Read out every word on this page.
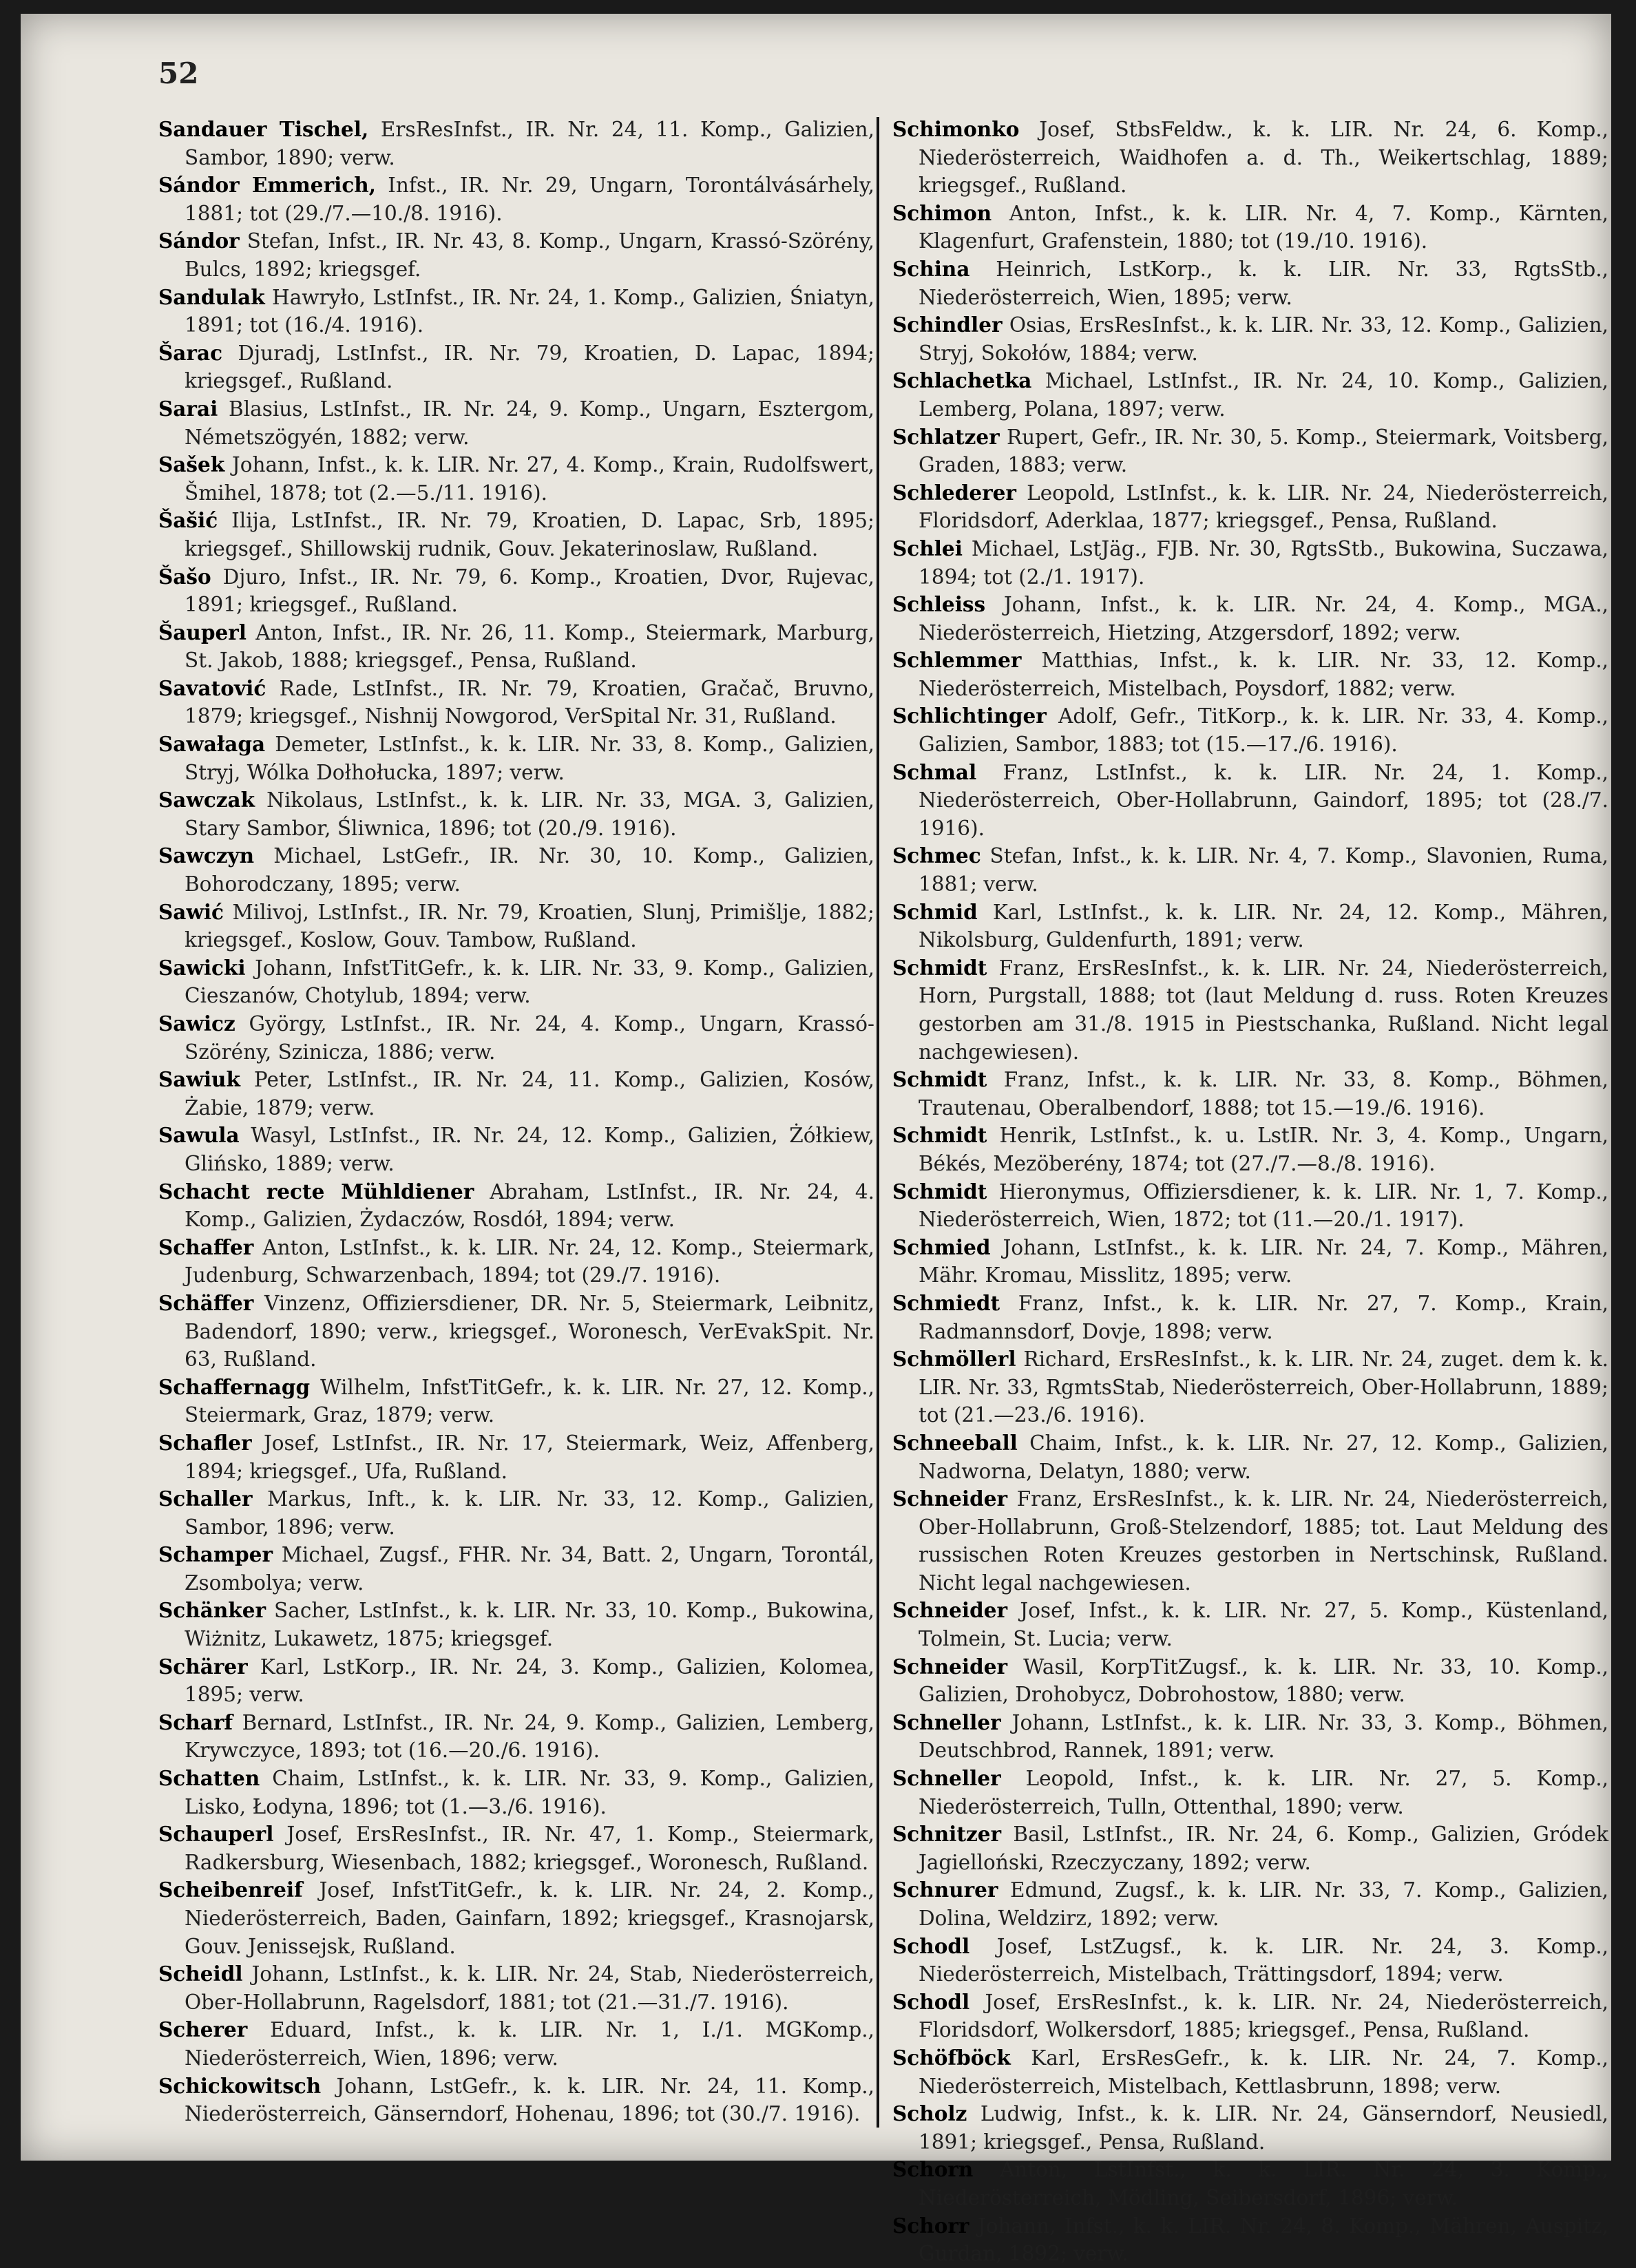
52

Sandauer Tischel, ErsResInfst., IR. Nr. 24, 11. Komp., Galizien, Sambor, 1890; verw.

Sándor Emmerich, Infst., IR. Nr. 29, Ungarn, Torontálvásárhely, 1881; tot (29./7.—10./8. 1916).

Sándor Stefan, Infst., IR. Nr. 43, 8. Komp., Ungarn, Krassó-Szörény, Bulcs, 1892; kriegsgef.

Sandulak Hawryło, LstInfst., IR. Nr. 24, 1. Komp., Galizien, Śniatyn, 1891; tot (16./4. 1916).

Šarac Djuradj, LstInfst., IR. Nr. 79, Kroatien, D. Lapac, 1894; kriegsgef., Rußland.

Sarai Blasius, LstInfst., IR. Nr. 24, 9. Komp., Ungarn, Esztergom, Németszögyén, 1882; verw.

Sašek Johann, Infst., k. k. LIR. Nr. 27, 4. Komp., Krain, Rudolfswert, Šmihel, 1878; tot (2.—5./11. 1916).

Šašić Ilija, LstInfst., IR. Nr. 79, Kroatien, D. Lapac, Srb, 1895; kriegsgef., Shillowskij rudnik, Gouv. Jekaterinoslaw, Rußland.

Šašo Djuro, Infst., IR. Nr. 79, 6. Komp., Kroatien, Dvor, Rujevac, 1891; kriegsgef., Rußland.

Šauperl Anton, Infst., IR. Nr. 26, 11. Komp., Steiermark, Marburg, St. Jakob, 1888; kriegsgef., Pensa, Rußland.

Savatović Rade, LstInfst., IR. Nr. 79, Kroatien, Gračač, Bruvno, 1879; kriegsgef., Nishnij Nowgorod, VerSpital Nr. 31, Rußland.

Sawałaga Demeter, LstInfst., k. k. LIR. Nr. 33, 8. Komp., Galizien, Stryj, Wólka Dołhołucka, 1897; verw.

Sawczak Nikolaus, LstInfst., k. k. LIR. Nr. 33, MGA. 3, Galizien, Stary Sambor, Śliwnica, 1896; tot (20./9. 1916).

Sawczyn Michael, LstGefr., IR. Nr. 30, 10. Komp., Galizien, Bohorodczany, 1895; verw.

Sawić Milivoj, LstInfst., IR. Nr. 79, Kroatien, Slunj, Primišlje, 1882; kriegsgef., Koslow, Gouv. Tambow, Rußland.

Sawicki Johann, InfstTitGefr., k. k. LIR. Nr. 33, 9. Komp., Galizien, Cieszanów, Chotylub, 1894; verw.

Sawicz György, LstInfst., IR. Nr. 24, 4. Komp., Ungarn, Krassó-Szörény, Szinicza, 1886; verw.

Sawiuk Peter, LstInfst., IR. Nr. 24, 11. Komp., Galizien, Kosów, Żabie, 1879; verw.

Sawula Wasyl, LstInfst., IR. Nr. 24, 12. Komp., Galizien, Żółkiew, Glińsko, 1889; verw.

Schacht recte Mühldiener Abraham, LstInfst., IR. Nr. 24, 4. Komp., Galizien, Żydaczów, Rosdół, 1894; verw.

Schaffer Anton, LstInfst., k. k. LIR. Nr. 24, 12. Komp., Steiermark, Judenburg, Schwarzenbach, 1894; tot (29./7. 1916).

Schäffer Vinzenz, Offiziersdiener, DR. Nr. 5, Steiermark, Leibnitz, Badendorf, 1890; verw., kriegsgef., Woronesch, VerEvakSpit. Nr. 63, Rußland.

Schaffernagg Wilhelm, InfstTitGefr., k. k. LIR. Nr. 27, 12. Komp., Steiermark, Graz, 1879; verw.

Schafler Josef, LstInfst., IR. Nr. 17, Steiermark, Weiz, Affenberg, 1894; kriegsgef., Ufa, Rußland.

Schaller Markus, Inft., k. k. LIR. Nr. 33, 12. Komp., Galizien, Sambor, 1896; verw.

Schamper Michael, Zugsf., FHR. Nr. 34, Batt. 2, Ungarn, Torontál, Zsombolya; verw.

Schänker Sacher, LstInfst., k. k. LIR. Nr. 33, 10. Komp., Bukowina, Wiżnitz, Lukawetz, 1875; kriegsgef.

Schärer Karl, LstKorp., IR. Nr. 24, 3. Komp., Galizien, Kolomea, 1895; verw.

Scharf Bernard, LstInfst., IR. Nr. 24, 9. Komp., Galizien, Lemberg, Krywczyce, 1893; tot (16.—20./6. 1916).

Schatten Chaim, LstInfst., k. k. LIR. Nr. 33, 9. Komp., Galizien, Lisko, Łodyna, 1896; tot (1.—3./6. 1916).

Schauperl Josef, ErsResInfst., IR. Nr. 47, 1. Komp., Steiermark, Radkersburg, Wiesenbach, 1882; kriegsgef., Woronesch, Rußland.

Scheibenreif Josef, InfstTitGefr., k. k. LIR. Nr. 24, 2. Komp., Niederösterreich, Baden, Gainfarn, 1892; kriegsgef., Krasnojarsk, Gouv. Jenissejsk, Rußland.

Scheidl Johann, LstInfst., k. k. LIR. Nr. 24, Stab, Niederösterreich, Ober-Hollabrunn, Ragelsdorf, 1881; tot (21.—31./7. 1916).

Scherer Eduard, Infst., k. k. LIR. Nr. 1, I./1. MGKomp., Niederösterreich, Wien, 1896; verw.

Schickowitsch Johann, LstGefr., k. k. LIR. Nr. 24, 11. Komp., Niederösterreich, Gänserndorf, Hohenau, 1896; tot (30./7. 1916).

Schimonko Josef, StbsFeldw., k. k. LIR. Nr. 24, 6. Komp., Niederösterreich, Waidhofen a. d. Th., Weikertschlag, 1889; kriegsgef., Rußland.

Schimon Anton, Infst., k. k. LIR. Nr. 4, 7. Komp., Kärnten, Klagenfurt, Grafenstein, 1880; tot (19./10. 1916).

Schina Heinrich, LstKorp., k. k. LIR. Nr. 33, RgtsStb., Niederösterreich, Wien, 1895; verw.

Schindler Osias, ErsResInfst., k. k. LIR. Nr. 33, 12. Komp., Galizien, Stryj, Sokołów, 1884; verw.

Schlachetka Michael, LstInfst., IR. Nr. 24, 10. Komp., Galizien, Lemberg, Polana, 1897; verw.

Schlatzer Rupert, Gefr., IR. Nr. 30, 5. Komp., Steiermark, Voitsberg, Graden, 1883; verw.

Schlederer Leopold, LstInfst., k. k. LIR. Nr. 24, Niederösterreich, Floridsdorf, Aderklaa, 1877; kriegsgef., Pensa, Rußland.

Schlei Michael, LstJäg., FJB. Nr. 30, RgtsStb., Bukowina, Suczawa, 1894; tot (2./1. 1917).

Schleiss Johann, Infst., k. k. LIR. Nr. 24, 4. Komp., MGA., Niederösterreich, Hietzing, Atzgersdorf, 1892; verw.

Schlemmer Matthias, Infst., k. k. LIR. Nr. 33, 12. Komp., Niederösterreich, Mistelbach, Poysdorf, 1882; verw.

Schlichtinger Adolf, Gefr., TitKorp., k. k. LIR. Nr. 33, 4. Komp., Galizien, Sambor, 1883; tot (15.—17./6. 1916).

Schmal Franz, LstInfst., k. k. LIR. Nr. 24, 1. Komp., Niederösterreich, Ober-Hollabrunn, Gaindorf, 1895; tot (28./7. 1916).

Schmec Stefan, Infst., k. k. LIR. Nr. 4, 7. Komp., Slavonien, Ruma, 1881; verw.

Schmid Karl, LstInfst., k. k. LIR. Nr. 24, 12. Komp., Mähren, Nikolsburg, Guldenfurth, 1891; verw.

Schmidt Franz, ErsResInfst., k. k. LIR. Nr. 24, Niederösterreich, Horn, Purgstall, 1888; tot (laut Meldung d. russ. Roten Kreuzes gestorben am 31./8. 1915 in Piestschanka, Rußland. Nicht legal nachgewiesen).

Schmidt Franz, Infst., k. k. LIR. Nr. 33, 8. Komp., Böhmen, Trautenau, Oberalbendorf, 1888; tot 15.—19./6. 1916).

Schmidt Henrik, LstInfst., k. u. LstIR. Nr. 3, 4. Komp., Ungarn, Békés, Mezöberény, 1874; tot (27./7.—8./8. 1916).

Schmidt Hieronymus, Offiziersdiener, k. k. LIR. Nr. 1, 7. Komp., Niederösterreich, Wien, 1872; tot (11.—20./1. 1917).

Schmied Johann, LstInfst., k. k. LIR. Nr. 24, 7. Komp., Mähren, Mähr. Kromau, Misslitz, 1895; verw.

Schmiedt Franz, Infst., k. k. LIR. Nr. 27, 7. Komp., Krain, Radmannsdorf, Dovje, 1898; verw.

Schmöllerl Richard, ErsResInfst., k. k. LIR. Nr. 24, zuget. dem k. k. LIR. Nr. 33, RgmtsStab, Niederösterreich, Ober-Hollabrunn, 1889; tot (21.—23./6. 1916).

Schneeball Chaim, Infst., k. k. LIR. Nr. 27, 12. Komp., Galizien, Nadworna, Delatyn, 1880; verw.

Schneider Franz, ErsResInfst., k. k. LIR. Nr. 24, Niederösterreich, Ober-Hollabrunn, Groß-Stelzendorf, 1885; tot. Laut Meldung des russischen Roten Kreuzes gestorben in Nertschinsk, Rußland. Nicht legal nachgewiesen.

Schneider Josef, Infst., k. k. LIR. Nr. 27, 5. Komp., Küstenland, Tolmein, St. Lucia; verw.

Schneider Wasil, KorpTitZugsf., k. k. LIR. Nr. 33, 10. Komp., Galizien, Drohobycz, Dobrohostow, 1880; verw.

Schneller Johann, LstInfst., k. k. LIR. Nr. 33, 3. Komp., Böhmen, Deutschbrod, Rannek, 1891; verw.

Schneller Leopold, Infst., k. k. LIR. Nr. 27, 5. Komp., Niederösterreich, Tulln, Ottenthal, 1890; verw.

Schnitzer Basil, LstInfst., IR. Nr. 24, 6. Komp., Galizien, Gródek Jagielloński, Rzeczyczany, 1892; verw.

Schnurer Edmund, Zugsf., k. k. LIR. Nr. 33, 7. Komp., Galizien, Dolina, Weldzirz, 1892; verw.

Schodl Josef, LstZugsf., k. k. LIR. Nr. 24, 3. Komp., Niederösterreich, Mistelbach, Trättingsdorf, 1894; verw.

Schodl Josef, ErsResInfst., k. k. LIR. Nr. 24, Niederösterreich, Floridsdorf, Wolkersdorf, 1885; kriegsgef., Pensa, Rußland.

Schöfböck Karl, ErsResGefr., k. k. LIR. Nr. 24, 7. Komp., Niederösterreich, Mistelbach, Kettlasbrunn, 1898; verw.

Scholz Ludwig, Infst., k. k. LIR. Nr. 24, Gänserndorf, Neusiedl, 1891; kriegsgef., Pensa, Rußland.

Schorn Anton, LstInfst., k. k. LIR. Nr. 24, 3. Komp., Niederösterreich, Mödling, Seibersdorf, 1896; verw.

Schorr Johann, Infst., k. k. LIR. Nr. 24, 8. Komp., Mähren, Auspitz, Gurdan, 1892; verw.
